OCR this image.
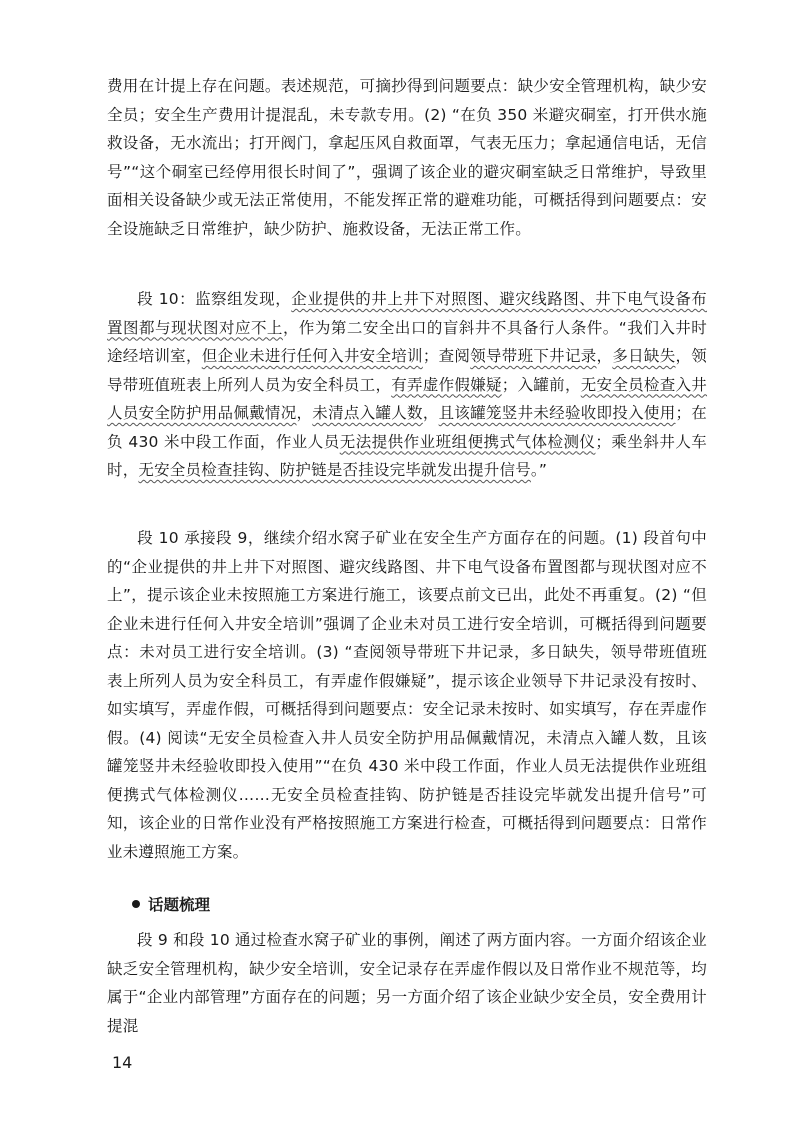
费用在计提上存在问题。表述规范，可摘抄得到问题要点：缺少安全管理机构，缺少安全员；安全生产费用计提混乱，未专款专用。(2) “在负 350 米避灾硐室，打开供水施救设备，无水流出；打开阀门，拿起压风自救面罩，气表无压力；拿起通信电话，无信号”“这个硐室已经停用很长时间了”，强调了该企业的避灾硐室缺乏日常维护，导致里面相关设备缺少或无法正常使用，不能发挥正常的避难功能，可概括得到问题要点：安全设施缺乏日常维护，缺少防护、施救设备，无法正常工作。
段 10：监察组发现，企业提供的井上井下对照图、避灾线路图、井下电气设备布置图都与现状图对应不上，作为第二安全出口的盲斜井不具备行人条件。“我们入井时途经培训室，但企业未进行任何入井安全培训；查阅领导带班下井记录，多日缺失，领导带班值班表上所列人员为安全科员工，有弄虚作假嫌疑；入罐前，无安全员检查入井人员安全防护用品佩戴情况，未清点入罐人数，且该罐笼竖井未经验收即投入使用；在负 430 米中段工作面，作业人员无法提供作业班组便携式气体检测仪；乘坐斜井人车时，无安全员检查挂钩、防护链是否挂设完毕就发出提升信号。”
段 10 承接段 9，继续介绍水窝子矿业在安全生产方面存在的问题。(1) 段首句中的“企业提供的井上井下对照图、避灾线路图、井下电气设备布置图都与现状图对应不上”，提示该企业未按照施工方案进行施工，该要点前文已出，此处不再重复。(2) “但企业未进行任何入井安全培训”强调了企业未对员工进行安全培训，可概括得到问题要点：未对员工进行安全培训。(3) “查阅领导带班下井记录，多日缺失，领导带班值班表上所列人员为安全科员工，有弄虚作假嫌疑”，提示该企业领导下井记录没有按时、如实填写，弄虚作假，可概括得到问题要点：安全记录未按时、如实填写，存在弄虚作假。(4) 阅读“无安全员检查入井人员安全防护用品佩戴情况，未清点入罐人数，且该罐笼竖井未经验收即投入使用”“在负 430 米中段工作面，作业人员无法提供作业班组便携式气体检测仪……无安全员检查挂钩、防护链是否挂设完毕就发出提升信号”可知，该企业的日常作业没有严格按照施工方案进行检查，可概括得到问题要点：日常作业未遵照施工方案。
话题梳理
段 9 和段 10 通过检查水窝子矿业的事例，阐述了两方面内容。一方面介绍该企业缺乏安全管理机构，缺少安全培训，安全记录存在弄虚作假以及日常作业不规范等，均属于“企业内部管理”方面存在的问题；另一方面介绍了该企业缺少安全员，安全费用计提混
14
